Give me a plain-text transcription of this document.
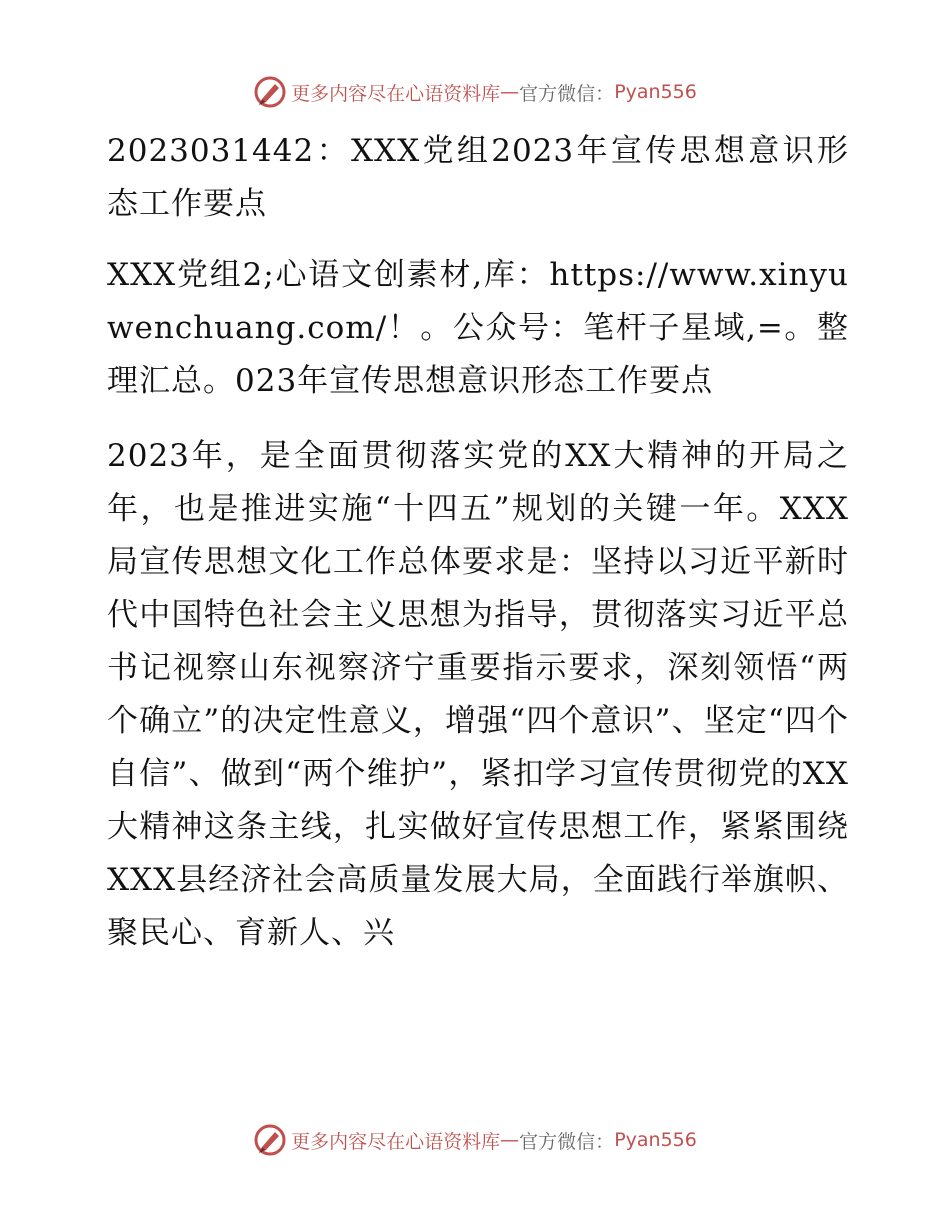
更多内容尽在心语资料库 — 官方微信： Pyan556

2023031442：XXX党组2023年宣传思想意识形态工作要点

XXX党组2;心语文创素材,库：https://www.xinyuwenchuang.com/！。公众号：笔杆子星域,=。整理汇总。023年宣传思想意识形态工作要点

2023年，是全面贯彻落实党的XX大精神的开局之年，也是推进实施“十四五”规划的关键一年。XXX局宣传思想文化工作总体要求是：坚持以习近平新时代中国特色社会主义思想为指导，贯彻落实习近平总书记视察山东视察济宁重要指示要求，深刻领悟“两个确立”的决定性意义，增强“四个意识”、坚定“四个自信”、做到“两个维护”，紧扣学习宣传贯彻党的XX大精神这条主线，扎实做好宣传思想工作，紧紧围绕XXX县经济社会高质量发展大局，全面践行举旗帜、聚民心、育新人、兴

更多内容尽在心语资料库 — 官方微信： Pyan556
